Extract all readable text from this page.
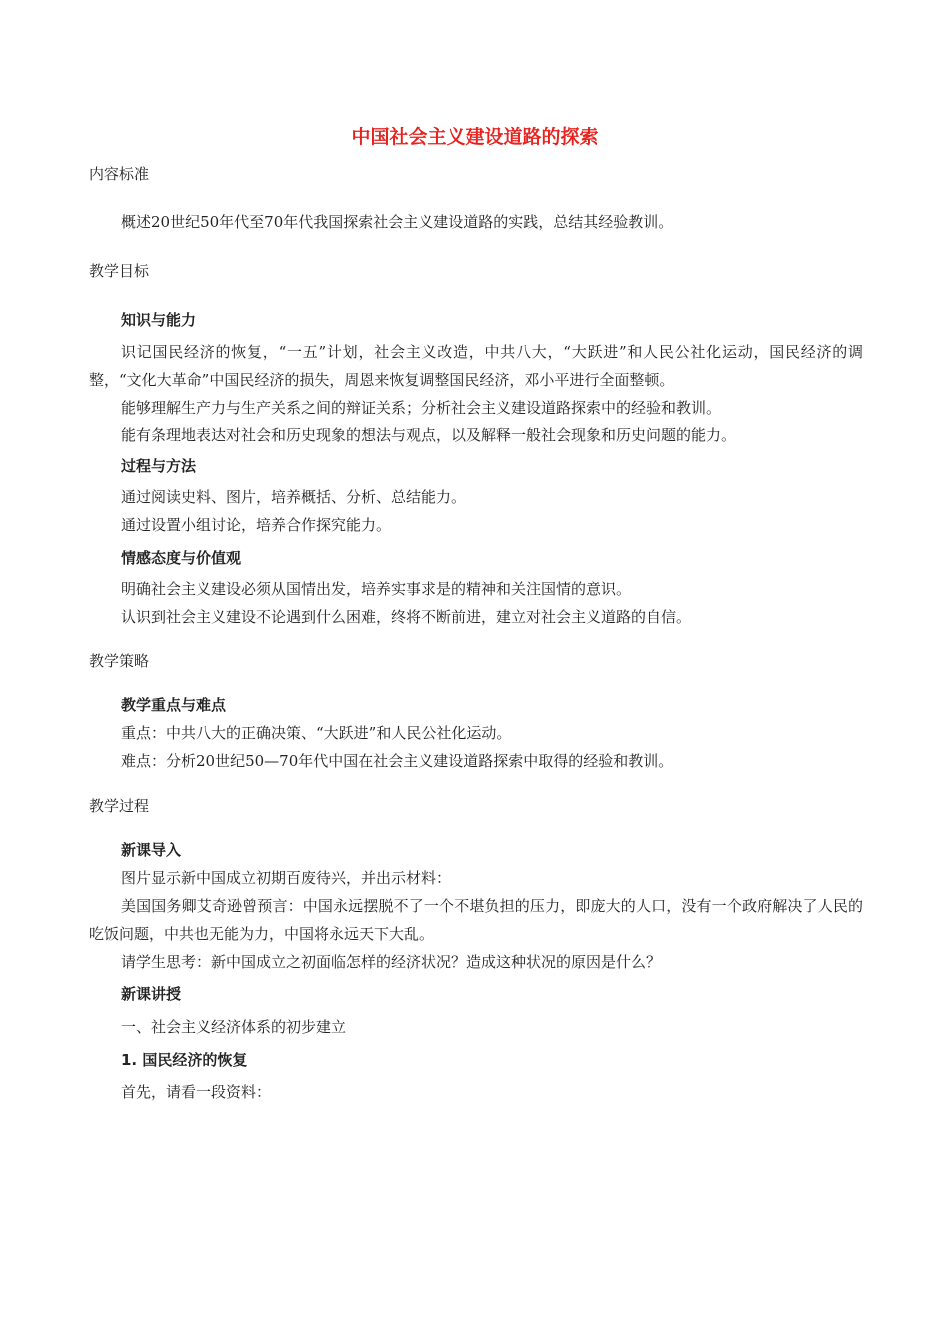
中国社会主义建设道路的探索
内容标准
概述20世纪50年代至70年代我国探索社会主义建设道路的实践，总结其经验教训。
教学目标
知识与能力
识记国民经济的恢复，“一五”计划，社会主义改造，中共八大，“大跃进”和人民公社化运动，国民经济的调整，“文化大革命”中国民经济的损失，周恩来恢复调整国民经济，邓小平进行全面整顿。
能够理解生产力与生产关系之间的辩证关系；分析社会主义建设道路探索中的经验和教训。
能有条理地表达对社会和历史现象的想法与观点，以及解释一般社会现象和历史问题的能力。
过程与方法
通过阅读史料、图片，培养概括、分析、总结能力。
通过设置小组讨论，培养合作探究能力。
情感态度与价值观
明确社会主义建设必须从国情出发，培养实事求是的精神和关注国情的意识。
认识到社会主义建设不论遇到什么困难，终将不断前进，建立对社会主义道路的自信。
教学策略
教学重点与难点
重点：中共八大的正确决策、“大跃进”和人民公社化运动。
难点：分析20世纪50—70年代中国在社会主义建设道路探索中取得的经验和教训。
教学过程
新课导入
图片显示新中国成立初期百废待兴，并出示材料：
美国国务卿艾奇逊曾预言：中国永远摆脱不了一个不堪负担的压力，即庞大的人口，没有一个政府解决了人民的吃饭问题，中共也无能为力，中国将永远天下大乱。
请学生思考：新中国成立之初面临怎样的经济状况？造成这种状况的原因是什么？
新课讲授
一、社会主义经济体系的初步建立
1. 国民经济的恢复
首先，请看一段资料：
